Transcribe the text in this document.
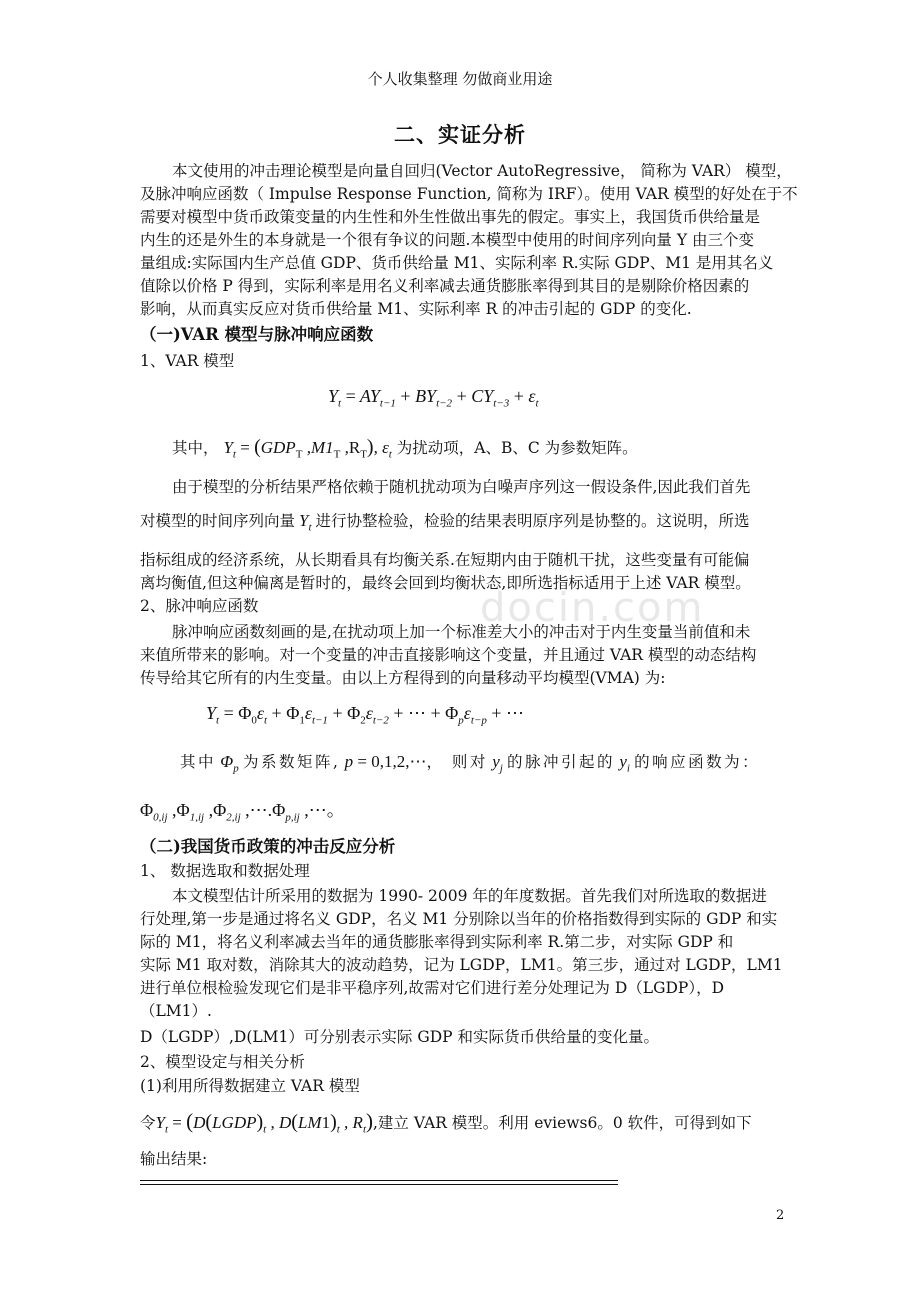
个人收集整理 勿做商业用途
二、实证分析
本文使用的冲击理论模型是向量自回归(Vector AutoRegressive， 简称为 VAR） 模型，
及脉冲响应函数（ Impulse Response Function, 简称为 IRF）。使用 VAR 模型的好处在于不
需要对模型中货币政策变量的内生性和外生性做出事先的假定。事实上，我国货币供给量是
内生的还是外生的本身就是一个很有争议的问题.本模型中使用的时间序列向量 Y 由三个变
量组成:实际国内生产总值 GDP、货币供给量 M1、实际利率 R.实际 GDP、M1 是用其名义
值除以价格 P 得到，实际利率是用名义利率减去通货膨胀率得到其目的是剔除价格因素的
影响，从而真实反应对货币供给量 M1、实际利率 R 的冲击引起的 GDP 的变化.
（一)VAR 模型与脉冲响应函数
1、VAR 模型
$Y_t = AY_{t-1} + BY_{t-2} + CY_{t-3} + \varepsilon_t$
其中， $Y_t = (GDP_T$ $,M1_T$ $,R_T$), $\varepsilon_t$ 为扰动项，A、B、C 为参数矩阵。
由于模型的分析结果严格依赖于随机扰动项为白噪声序列这一假设条件,因此我们首先
对模型的时间序列向量 $Y_t$ 进行协整检验，检验的结果表明原序列是协整的。这说明，所选
指标组成的经济系统，从长期看具有均衡关系.在短期内由于随机干扰，这些变量有可能偏
离均衡值,但这种偏离是暂时的，最终会回到均衡状态,即所选指标适用于上述 VAR 模型。
2、脉冲响应函数
脉冲响应函数刻画的是,在扰动项上加一个标准差大小的冲击对于内生变量当前值和未
来值所带来的影响。对一个变量的冲击直接影响这个变量，并且通过 VAR 模型的动态结构
传导给其它所有的内生变量。由以上方程得到的向量移动平均模型(VMA) 为:
$Y_t = \Phi_0\varepsilon_t + \Phi_1\varepsilon_{t-1} + \Phi_2\varepsilon_{t-2}$ + ⋯ + $\Phi_p\varepsilon_{t-p}$ + ⋯
其中 $\Phi_p$ 为系数矩阵, p = 0,1,2,⋯， 则对 $y_j$ 的脉冲引起的 $y_i$ 的响应函数为：
$\Phi_{0,ij}$ $,\Phi_{1,ij}$ $,\Phi_{2,ij}$ $,\cdots.\Phi_{p,ij}$ ,⋯。
（二)我国货币政策的冲击反应分析
1、 数据选取和数据处理
本文模型估计所采用的数据为 1990- 2009 年的年度数据。首先我们对所选取的数据进
行处理,第一步是通过将名义 GDP，名义 M1 分别除以当年的价格指数得到实际的 GDP 和实
际的 M1，将名义利率减去当年的通货膨胀率得到实际利率 R.第二步，对实际 GDP 和
实际 M1 取对数，消除其大的波动趋势，记为 LGDP，LM1。第三步，通过对 LGDP，LM1
进行单位根检验发现它们是非平稳序列,故需对它们进行差分处理记为 D（LGDP），D
（LM1）.
D（LGDP）,D(LM1）可分别表示实际 GDP 和实际货币供给量的变化量。
2、模型设定与相关分析
(1)利用所得数据建立 VAR 模型
令$Y_t$ = ($D(LGDP)_t$ , $D(LM1)_t$ , $R_t$),建立 VAR 模型。利用 eviews6。0 软件，可得到如下
输出结果:
docin.com
2
